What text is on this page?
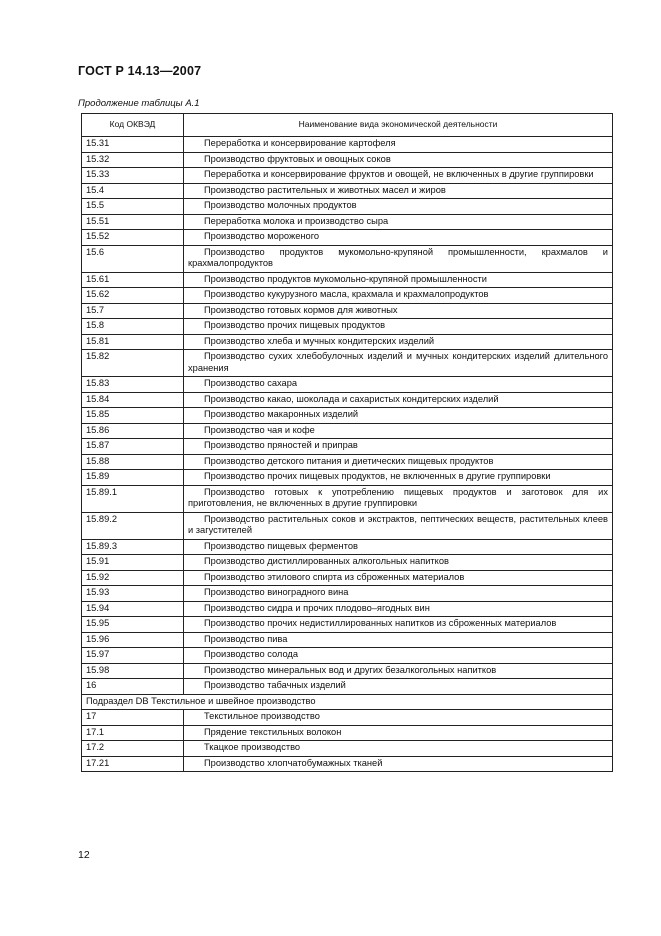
ГОСТ Р 14.13—2007
Продолжение таблицы А.1
Код ОКВЭД	Наименование вида экономической деятельности
15.31	Переработка и консервирование картофеля
15.32	Производство фруктовых и овощных соков
15.33	Переработка и консервирование фруктов и овощей, не включенных в другие группировки
15.4	Производство растительных и животных масел и жиров
15.5	Производство молочных продуктов
15.51	Переработка молока и производство сыра
15.52	Производство мороженого
15.6	Производство продуктов мукомольно-крупяной промышленности, крахмалов и крахмалопродуктов
15.61	Производство продуктов мукомольно-крупяной промышленности
15.62	Производство кукурузного масла, крахмала и крахмалопродуктов
15.7	Производство готовых кормов для животных
15.8	Производство прочих пищевых продуктов
15.81	Производство хлеба и мучных кондитерских изделий
15.82	Производство сухих хлебобулочных изделий и мучных кондитерских изделий длительного хранения
15.83	Производство сахара
15.84	Производство какао, шоколада и сахаристых кондитерских изделий
15.85	Производство макаронных изделий
15.86	Производство чая и кофе
15.87	Производство пряностей и приправ
15.88	Производство детского питания и диетических пищевых продуктов
15.89	Производство прочих пищевых продуктов, не включенных в другие группировки
15.89.1	Производство готовых к употреблению пищевых продуктов и заготовок для их приготовления, не включенных в другие группировки
15.89.2	Производство растительных соков и экстрактов, пептических веществ, растительных клеев и загустителей
15.89.3	Производство пищевых ферментов
15.91	Производство дистиллированных алкогольных напитков
15.92	Производство этилового спирта из сброженных материалов
15.93	Производство виноградного вина
15.94	Производство сидра и прочих плодово–ягодных вин
15.95	Производство прочих недистиллированных напитков из сброженных материалов
15.96	Производство пива
15.97	Производство солода
15.98	Производство минеральных вод и других безалкогольных напитков
16	Производство табачных изделий
Подраздел DB Текстильное и швейное производство	
17	Текстильное производство
17.1	Прядение текстильных волокон
17.2	Ткацкое производство
17.21	Производство хлопчатобумажных тканей
12
